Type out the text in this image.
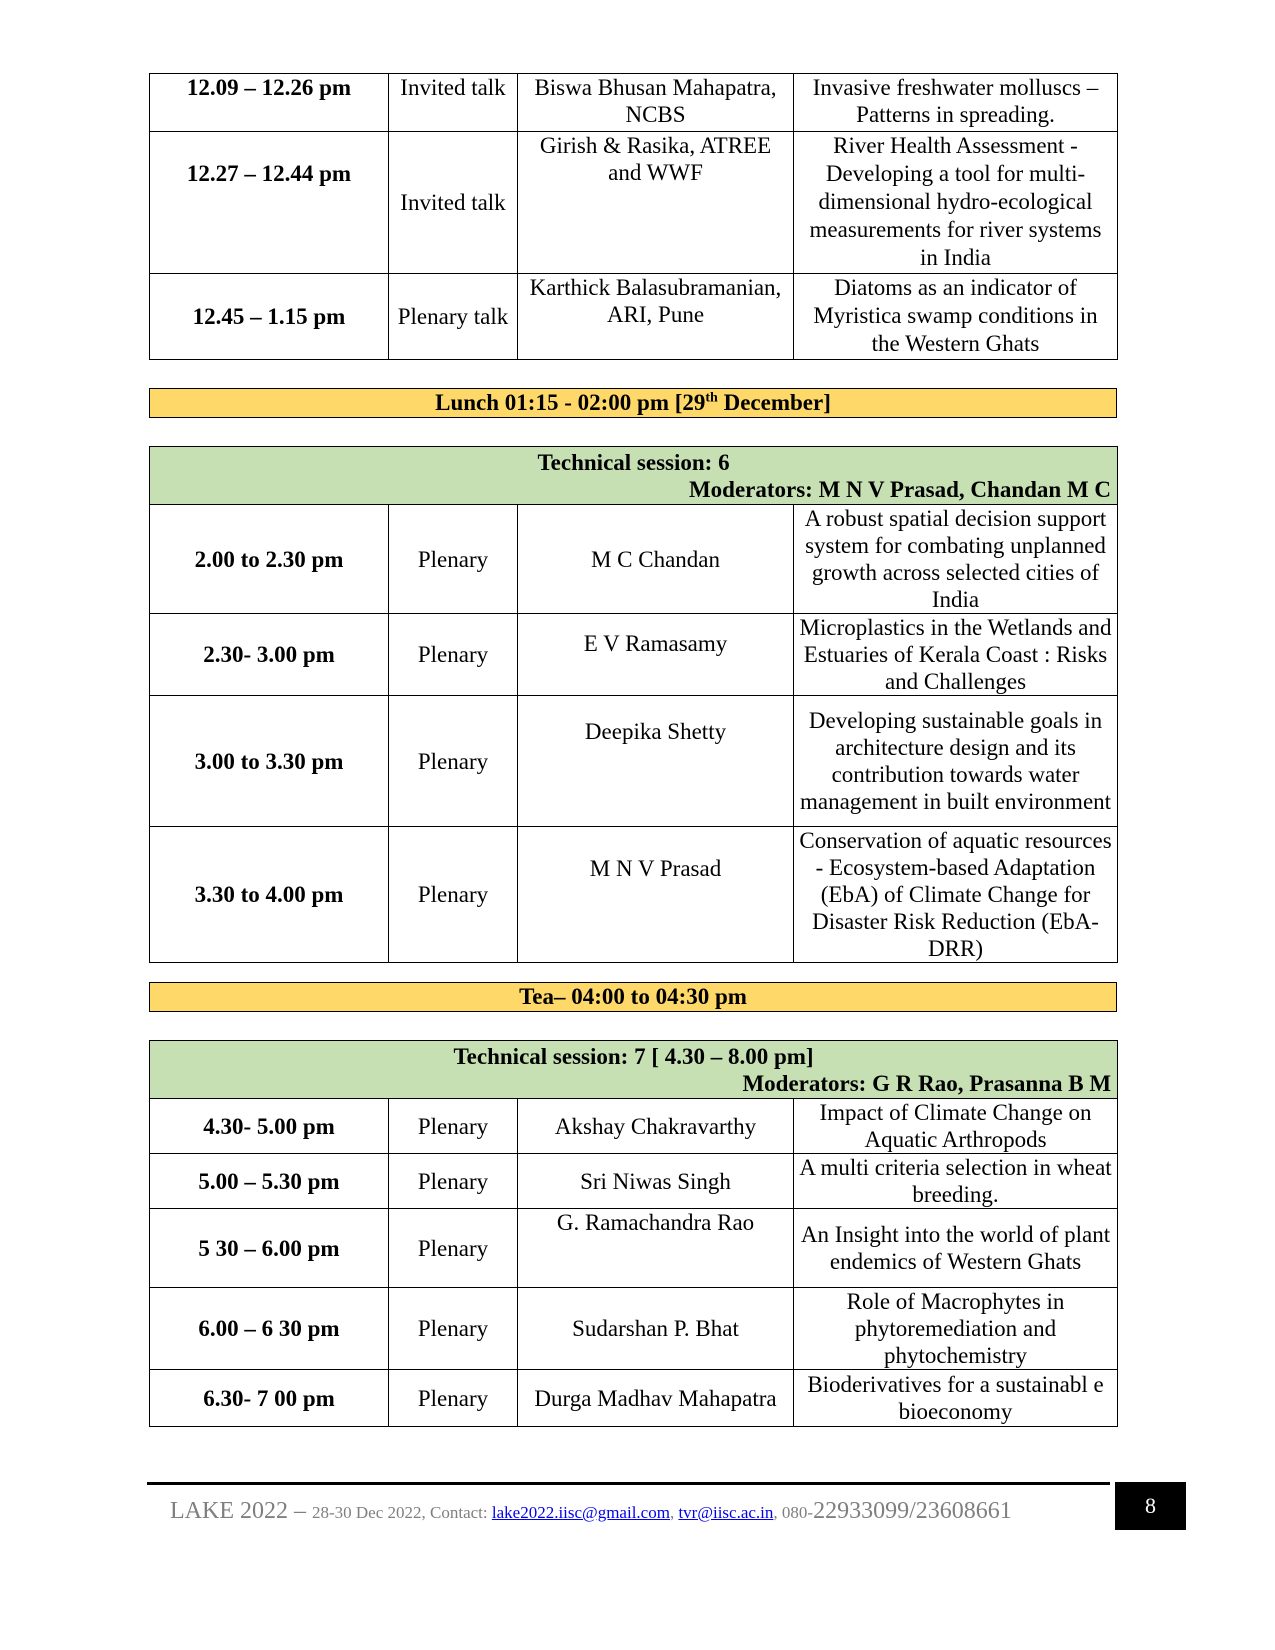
12.09 – 12.26 pm	Invited talk	Biswa Bhusan Mahapatra, NCBS	Invasive freshwater molluscs – Patterns in spreading.
12.27 – 12.44 pm	Invited talk	Girish & Rasika, ATREE and WWF	River Health Assessment - Developing a tool for multi-dimensional hydro-ecological measurements for river systems in India
12.45 – 1.15 pm	Plenary talk	Karthick Balasubramanian, ARI, Pune	Diatoms as an indicator of Myristica swamp conditions in the Western Ghats
Lunch 01:15 - 02:00 pm [29th December]
Technical session: 6
Moderators: M N V Prasad, Chandan M C			

2.00 to 2.30 pm	Plenary	M C Chandan	A robust spatial decision support system for combating unplanned growth across selected cities of India
2.30- 3.00 pm	Plenary	E V Ramasamy	Microplastics in the Wetlands and Estuaries of Kerala Coast : Risks and Challenges
3.00 to 3.30 pm	Plenary	Deepika Shetty	Developing sustainable goals in architecture design and its contribution towards water management in built environment
3.30 to 4.00 pm	Plenary	M N V Prasad	Conservation of aquatic resources - Ecosystem-based Adaptation (EbA) of Climate Change for Disaster Risk Reduction (EbA-DRR)
Tea– 04:00 to 04:30 pm
Technical session: 7 [ 4.30 – 8.00 pm]
Moderators: G R Rao, Prasanna B M			

4.30- 5.00 pm	Plenary	Akshay Chakravarthy	Impact of Climate Change on Aquatic Arthropods
5.00 – 5.30 pm	Plenary	Sri Niwas Singh	A multi criteria selection in wheat breeding.
5 30 – 6.00 pm	Plenary	G. Ramachandra Rao	An Insight into the world of plant endemics of Western Ghats
6.00 – 6 30 pm	Plenary	Sudarshan P. Bhat	Role of Macrophytes in phytoremediation and phytochemistry
6.30- 7 00 pm	Plenary	Durga Madhav Mahapatra	Bioderivatives for a sustainabl e bioeconomy
LAKE 2022 – 28-30 Dec 2022, Contact: lake2022.iisc@gmail.com, tvr@iisc.ac.in, 080-22933099/23608661	8
